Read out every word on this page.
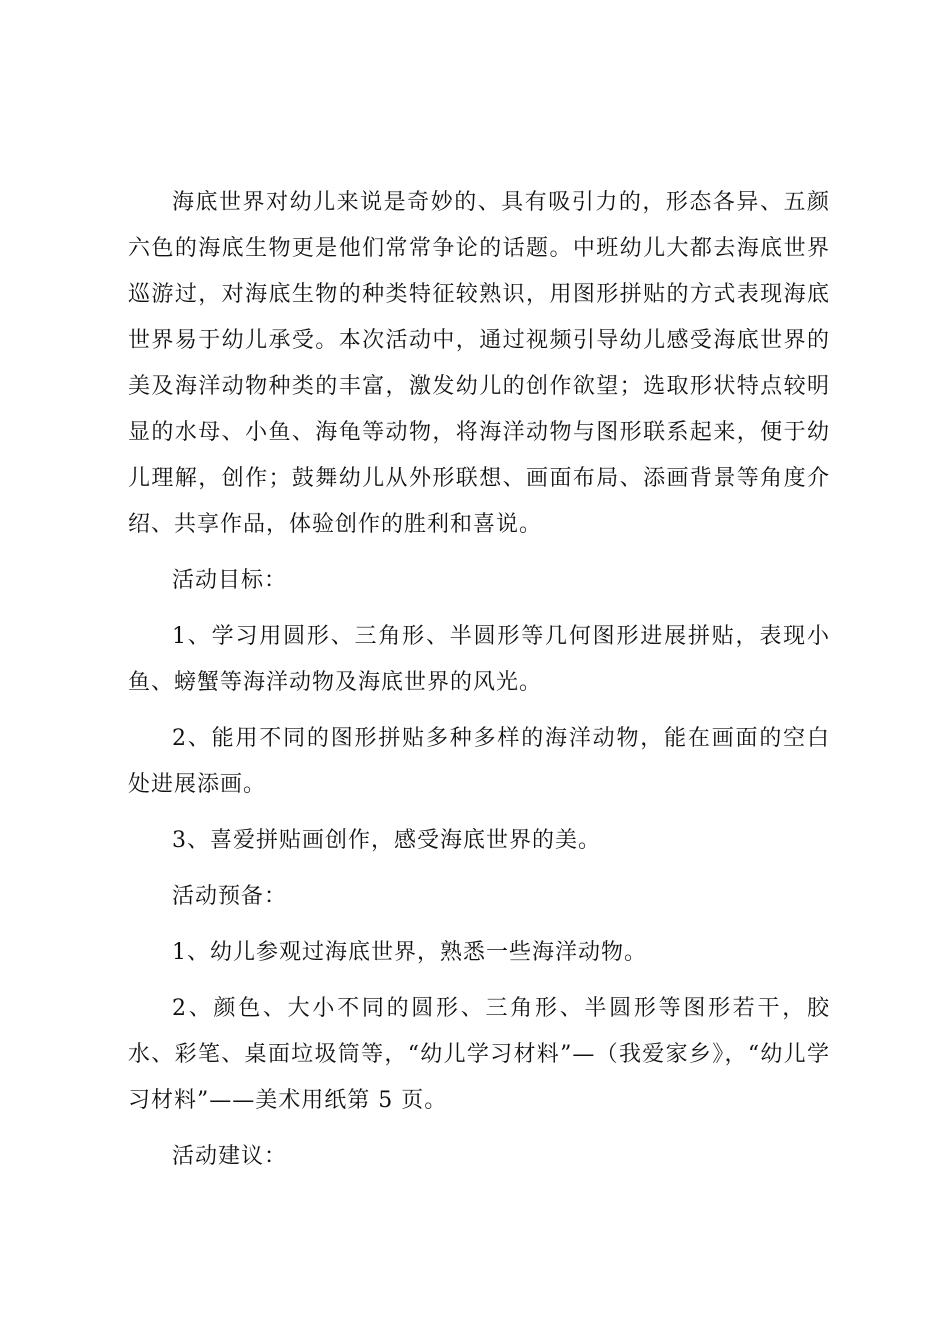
海底世界对幼儿来说是奇妙的、具有吸引力的，形态各异、五颜六色的海底生物更是他们常常争论的话题。中班幼儿大都去海底世界巡游过，对海底生物的种类特征较熟识，用图形拼贴的方式表现海底世界易于幼儿承受。本次活动中，通过视频引导幼儿感受海底世界的美及海洋动物种类的丰富，激发幼儿的创作欲望；选取形状特点较明显的水母、小鱼、海龟等动物，将海洋动物与图形联系起来，便于幼儿理解，创作；鼓舞幼儿从外形联想、画面布局、添画背景等角度介绍、共享作品，体验创作的胜利和喜说。

活动目标：

1、学习用圆形、三角形、半圆形等几何图形进展拼贴，表现小鱼、螃蟹等海洋动物及海底世界的风光。

2、能用不同的图形拼贴多种多样的海洋动物，能在画面的空白处进展添画。

3、喜爱拼贴画创作，感受海底世界的美。

活动预备：

1、幼儿参观过海底世界，熟悉一些海洋动物。

2、颜色、大小不同的圆形、三角形、半圆形等图形若干，胶水、彩笔、桌面垃圾筒等，“幼儿学习材料”—（我爱家乡》，“幼儿学习材料”——美术用纸第 5 页。

活动建议：
